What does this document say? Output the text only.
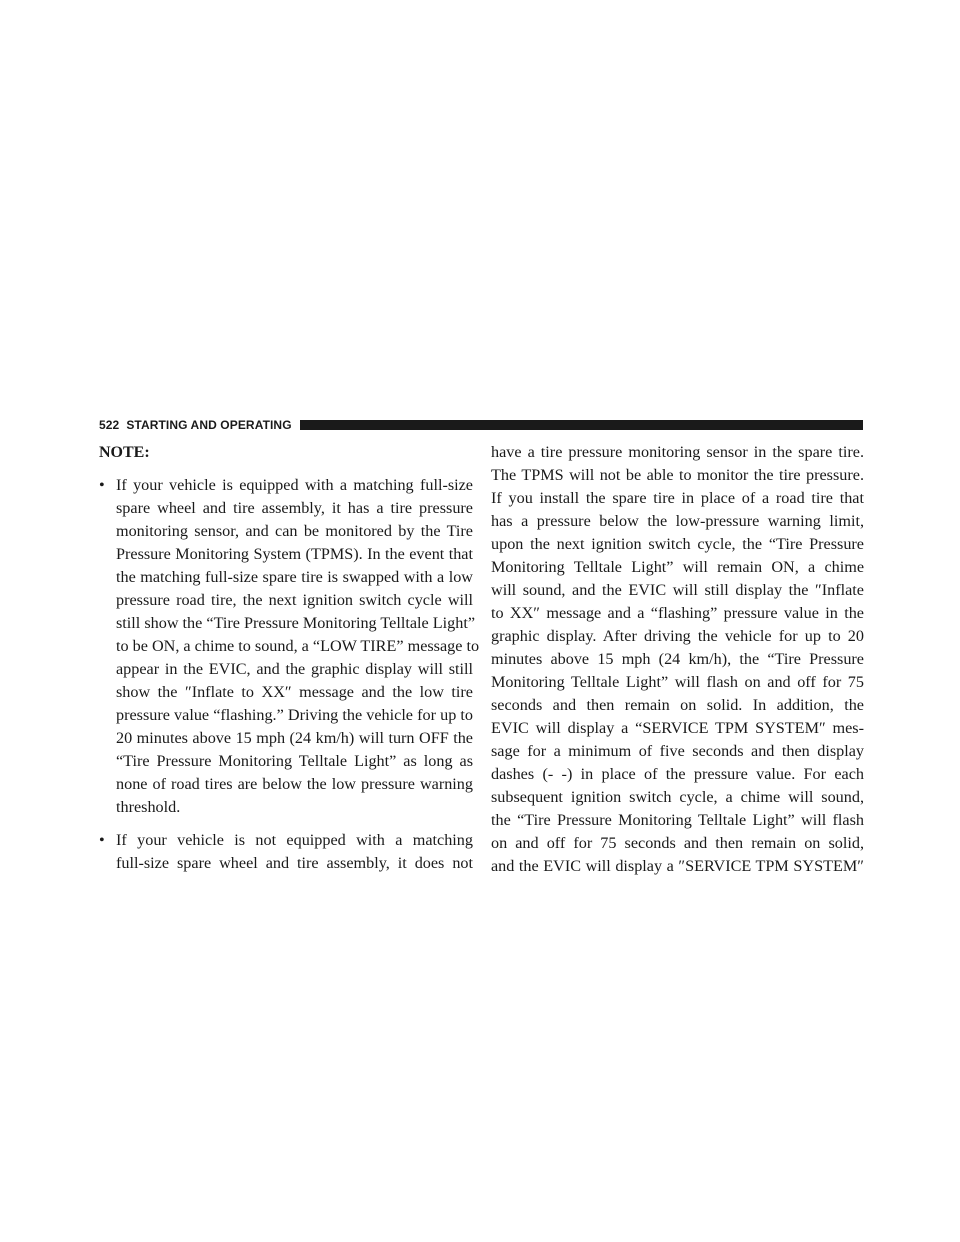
522 STARTING AND OPERATING
NOTE:
• If your vehicle is equipped with a matching full-size
spare wheel and tire assembly, it has a tire pressure
monitoring sensor, and can be monitored by the Tire
Pressure Monitoring System (TPMS). In the event that
the matching full-size spare tire is swapped with a low
pressure road tire, the next ignition switch cycle will
still show the “Tire Pressure Monitoring Telltale Light”
to be ON, a chime to sound, a “LOW TIRE” message to
appear in the EVIC, and the graphic display will still
show the ″Inflate to XX″ message and the low tire
pressure value “flashing.” Driving the vehicle for up to
20 minutes above 15 mph (24 km/h) will turn OFF the
“Tire Pressure Monitoring Telltale Light” as long as
none of road tires are below the low pressure warning
threshold.
• If your vehicle is not equipped with a matching
full-size spare wheel and tire assembly, it does not
have a tire pressure monitoring sensor in the spare tire.
The TPMS will not be able to monitor the tire pressure.
If you install the spare tire in place of a road tire that
has a pressure below the low-pressure warning limit,
upon the next ignition switch cycle, the “Tire Pressure
Monitoring Telltale Light” will remain ON, a chime
will sound, and the EVIC will still display the ″Inflate
to XX″ message and a “flashing” pressure value in the
graphic display. After driving the vehicle for up to 20
minutes above 15 mph (24 km/h), the “Tire Pressure
Monitoring Telltale Light” will flash on and off for 75
seconds and then remain on solid. In addition, the
EVIC will display a “SERVICE TPM SYSTEM″ mes-
sage for a minimum of five seconds and then display
dashes (- -) in place of the pressure value. For each
subsequent ignition switch cycle, a chime will sound,
the “Tire Pressure Monitoring Telltale Light” will flash
on and off for 75 seconds and then remain on solid,
and the EVIC will display a ″SERVICE TPM SYSTEM″
